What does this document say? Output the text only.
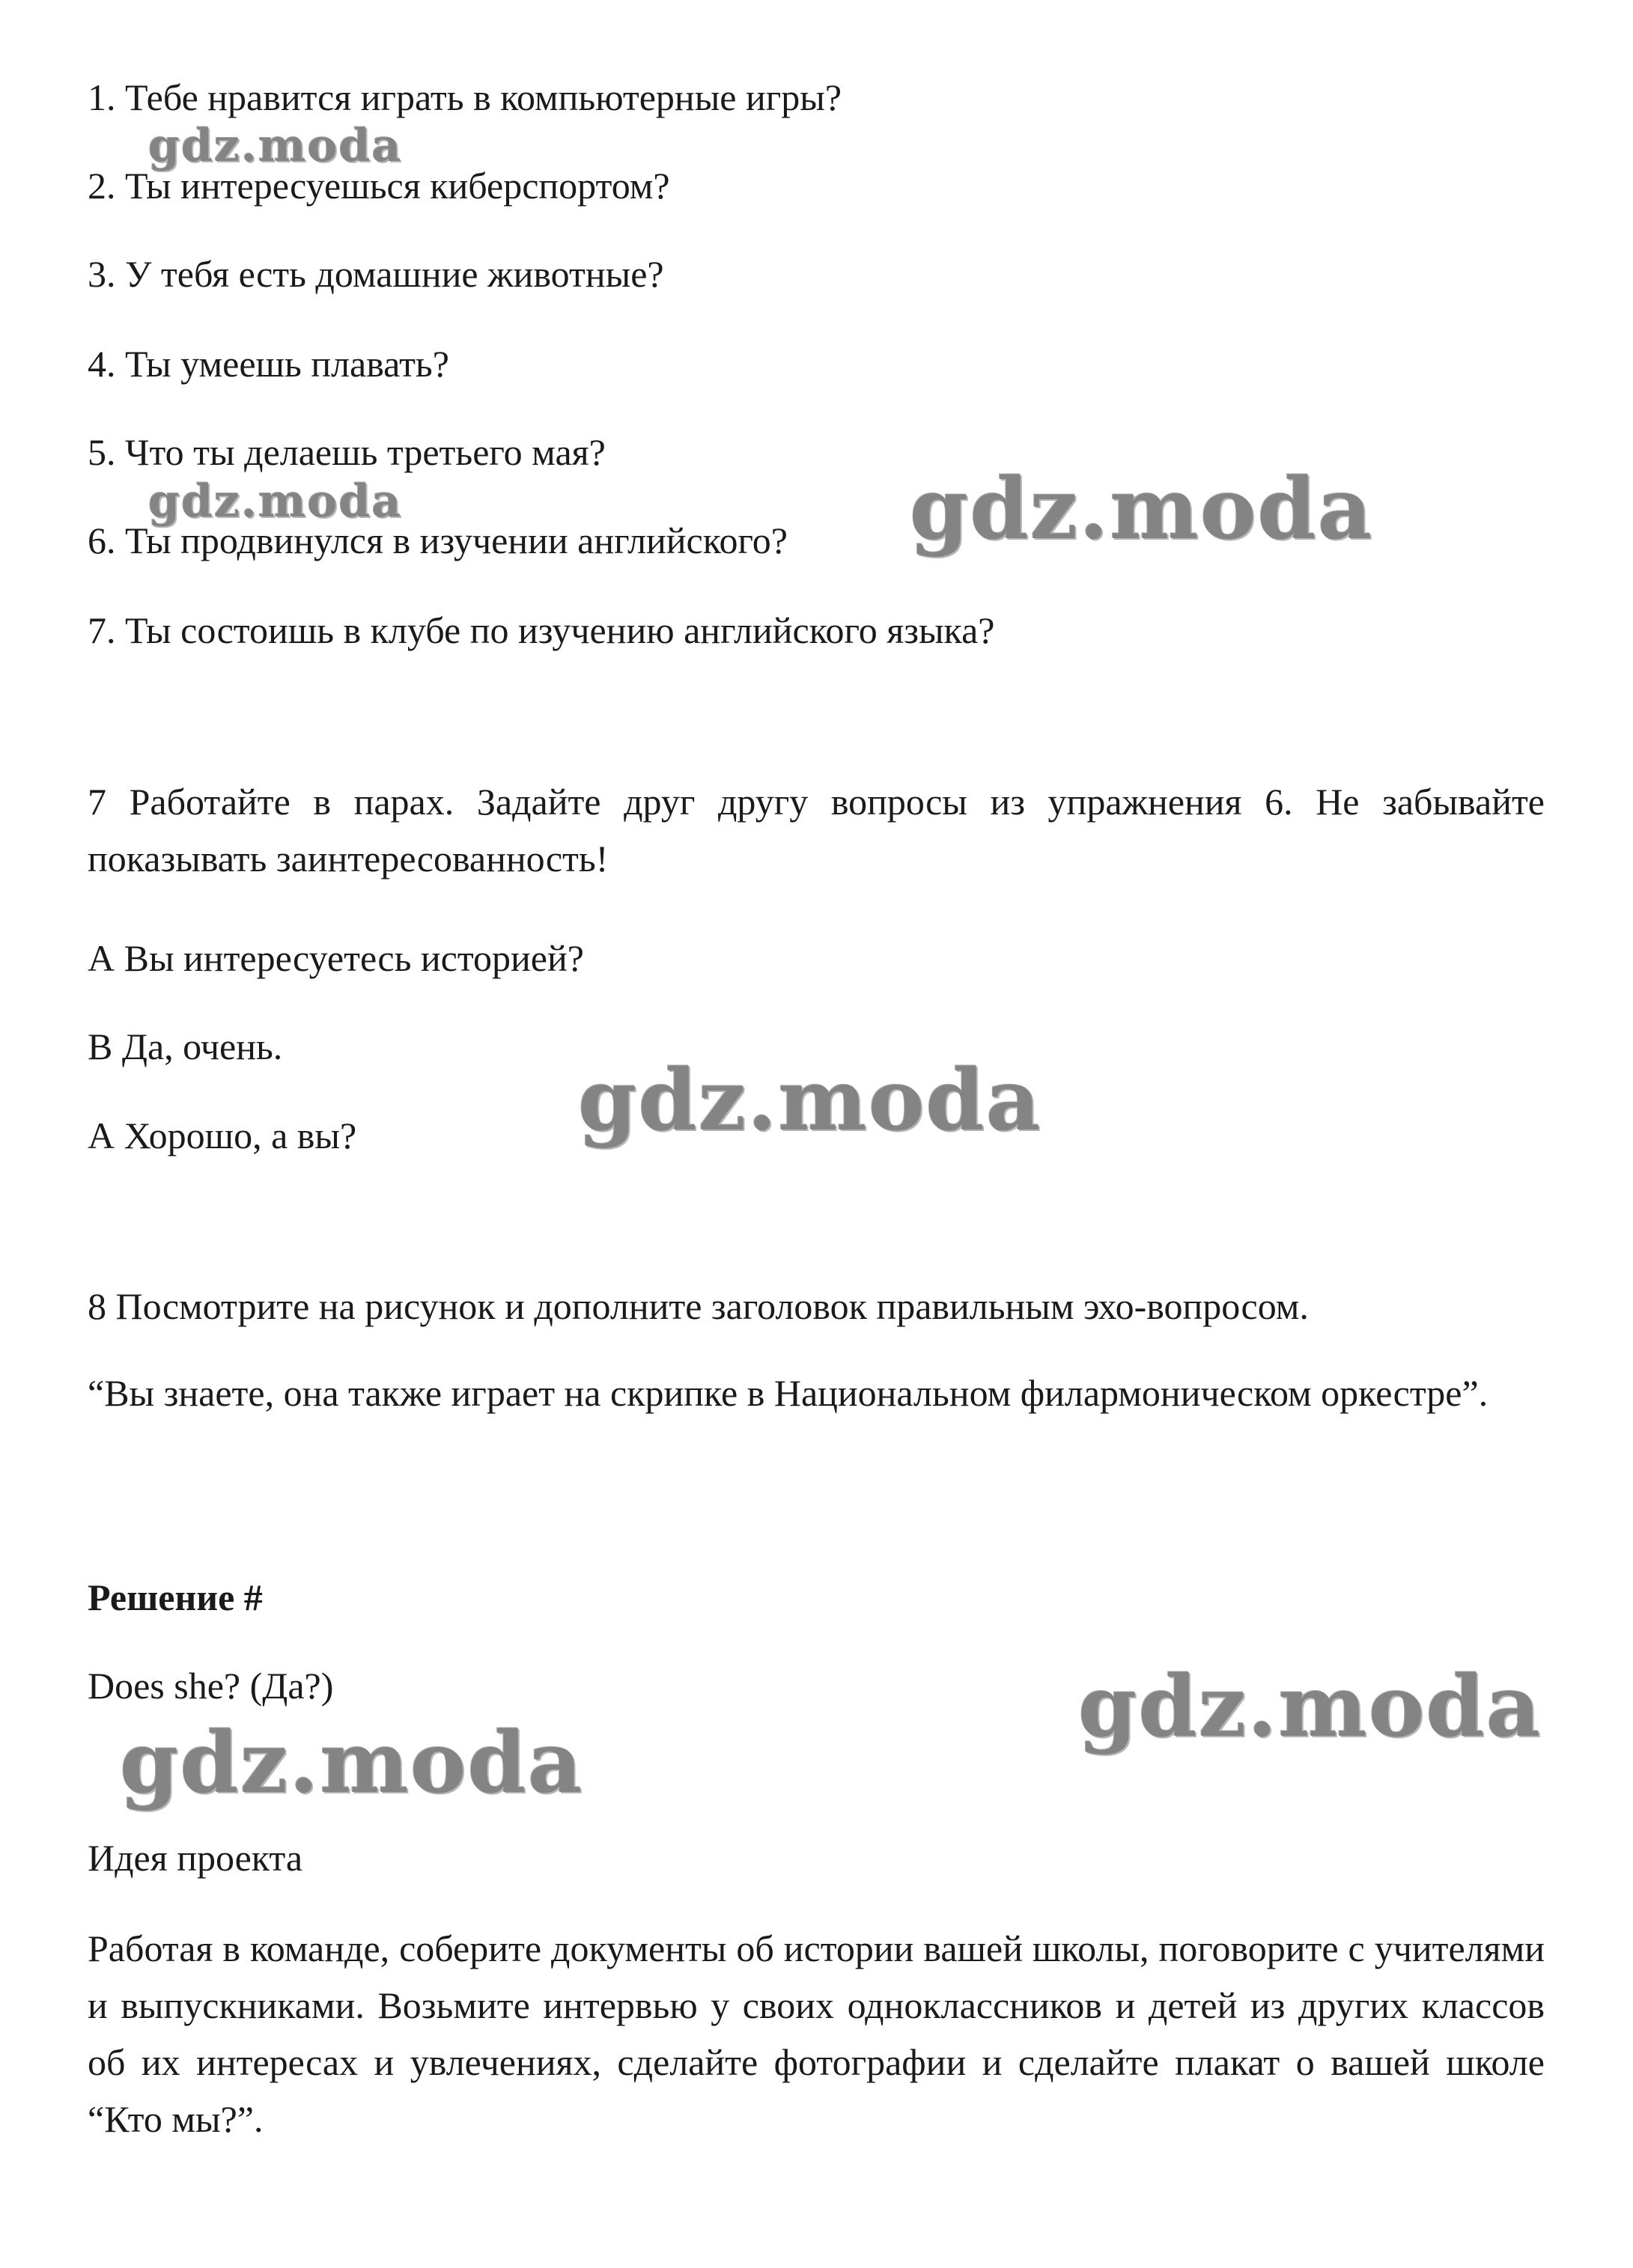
1. Тебе нравится играть в компьютерные игры?
2. Ты интересуешься киберспортом?
3. У тебя есть домашние животные?
4. Ты умеешь плавать?
5. Что ты делаешь третьего мая?
6. Ты продвинулся в изучении английского?
7. Ты состоишь в клубе по изучению английского языка?
7 Работайте в парах. Задайте друг другу вопросы из упражнения 6. Не забывайте показывать заинтересованность!
А Вы интересуетесь историей?
В Да, очень.
А Хорошо, а вы?
8 Посмотрите на рисунок и дополните заголовок правильным эхо-вопросом.
“Вы знаете, она также играет на скрипке в Национальном филармоническом оркестре”.
Решение #
Does she? (Да?)
Идея проекта
Работая в команде, соберите документы об истории вашей школы, поговорите с учителями и выпускниками. Возьмите интервью у своих одноклассников и детей из других классов об их интересах и увлечениях, сделайте фотографии и сделайте плакат о вашей школе “Кто мы?”.
gdz.moda
gdz.moda	gdz.moda
gdz.moda
gdz.moda
gdz.moda
